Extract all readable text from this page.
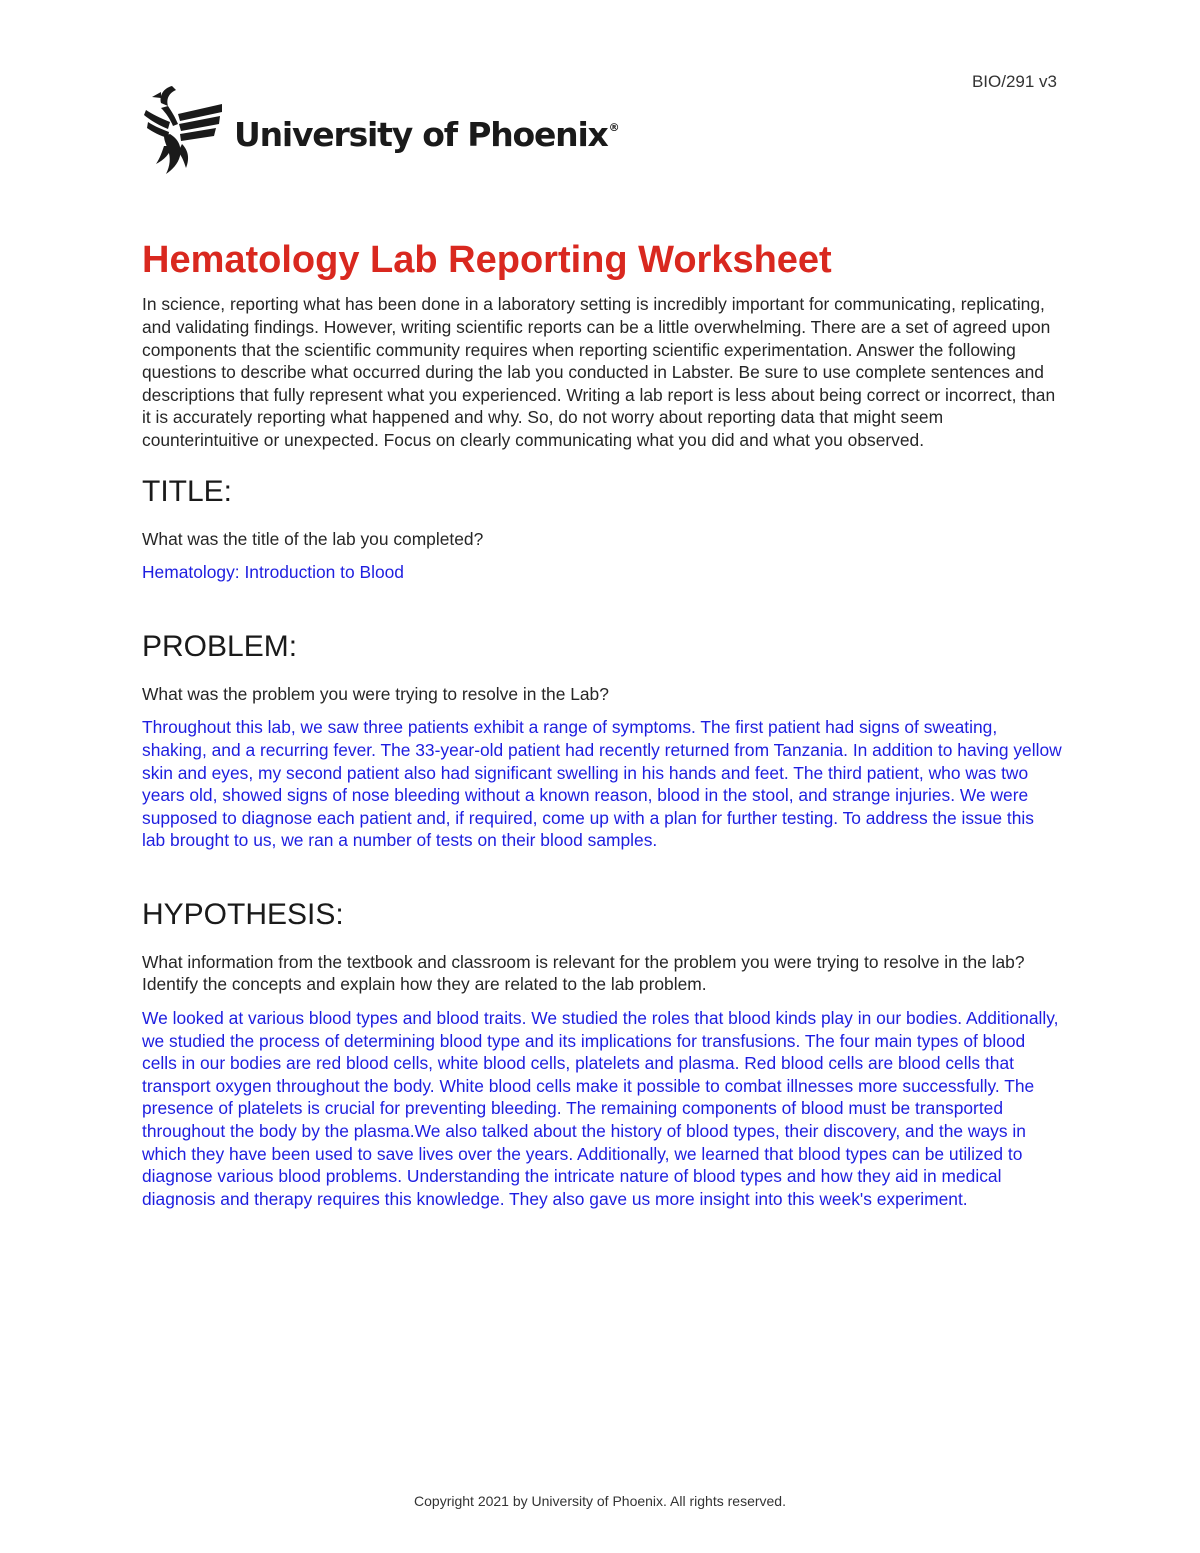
BIO/291 v3
University of Phoenix®
Hematology Lab Reporting Worksheet

In science, reporting what has been done in a laboratory setting is incredibly important for communicating, replicating, and validating findings. However, writing scientific reports can be a little overwhelming. There are a set of agreed upon components that the scientific community requires when reporting scientific experimentation. Answer the following questions to describe what occurred during the lab you conducted in Labster. Be sure to use complete sentences and descriptions that fully represent what you experienced. Writing a lab report is less about being correct or incorrect, than it is accurately reporting what happened and why. So, do not worry about reporting data that might seem counterintuitive or unexpected. Focus on clearly communicating what you did and what you observed.

TITLE:

What was the title of the lab you completed?

Hematology: Introduction to Blood

PROBLEM:

What was the problem you were trying to resolve in the Lab?

Throughout this lab, we saw three patients exhibit a range of symptoms. The first patient had signs of sweating, shaking, and a recurring fever. The 33-year-old patient had recently returned from Tanzania. In addition to having yellow skin and eyes, my second patient also had significant swelling in his hands and feet. The third patient, who was two years old, showed signs of nose bleeding without a known reason, blood in the stool, and strange injuries. We were supposed to diagnose each patient and, if required, come up with a plan for further testing. To address the issue this lab brought to us, we ran a number of tests on their blood samples.

HYPOTHESIS:

What information from the textbook and classroom is relevant for the problem you were trying to resolve in the lab? Identify the concepts and explain how they are related to the lab problem.

We looked at various blood types and blood traits. We studied the roles that blood kinds play in our bodies. Additionally, we studied the process of determining blood type and its implications for transfusions. The four main types of blood cells in our bodies are red blood cells, white blood cells, platelets and plasma. Red blood cells are blood cells that transport oxygen throughout the body. White blood cells make it possible to combat illnesses more successfully. The presence of platelets is crucial for preventing bleeding. The remaining components of blood must be transported throughout the body by the plasma.We also talked about the history of blood types, their discovery, and the ways in which they have been used to save lives over the years. Additionally, we learned that blood types can be utilized to diagnose various blood problems. Understanding the intricate nature of blood types and how they aid in medical diagnosis and therapy requires this knowledge. They also gave us more insight into this week's experiment.

Copyright 2021 by University of Phoenix. All rights reserved.
